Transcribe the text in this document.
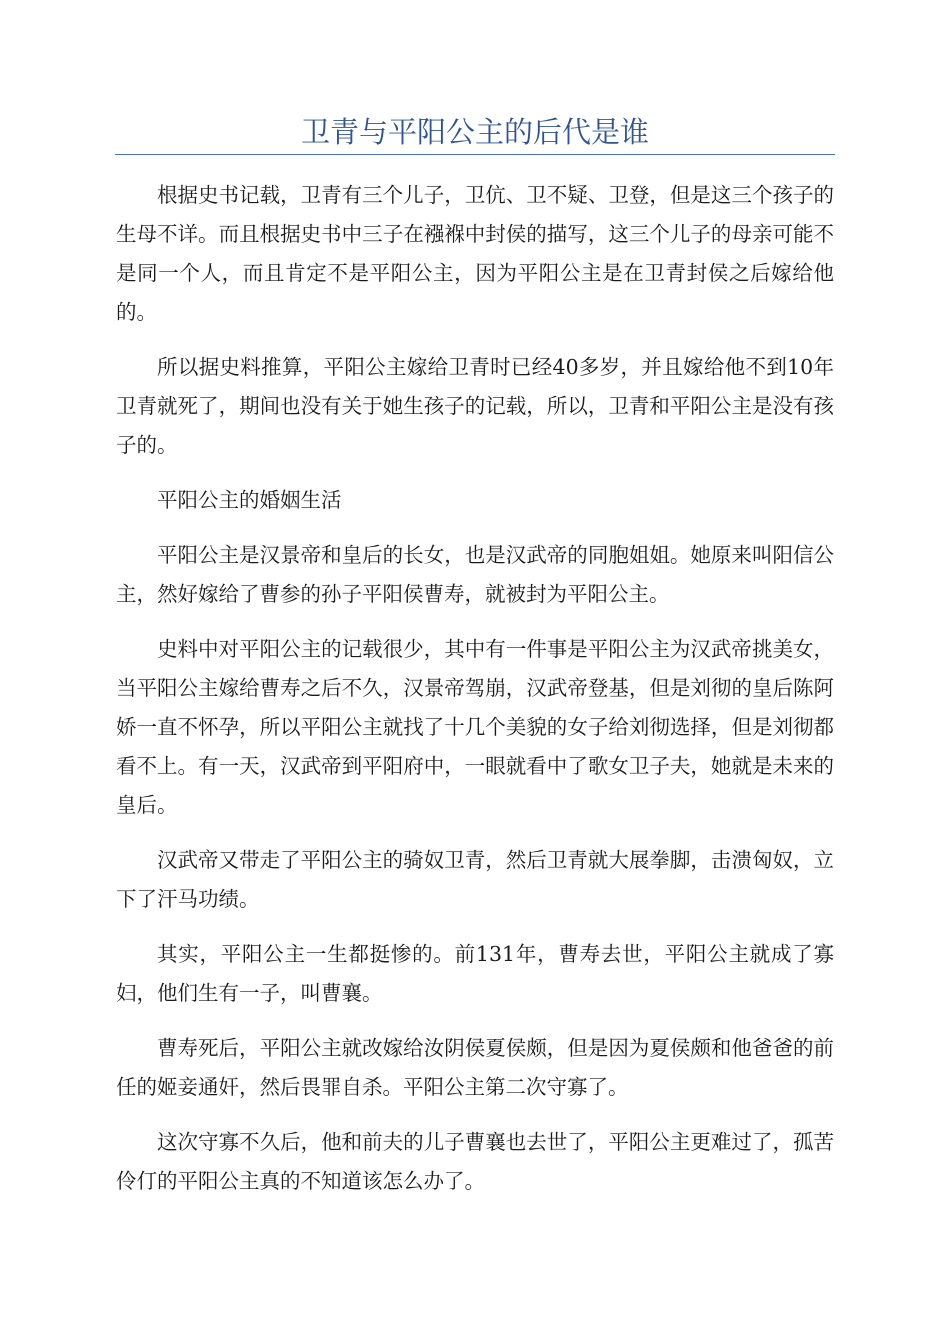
卫青与平阳公主的后代是谁

根据史书记载，卫青有三个儿子，卫伉、卫不疑、卫登，但是这三个孩子的生母不详。而且根据史书中三子在襁褓中封侯的描写，这三个儿子的母亲可能不是同一个人，而且肯定不是平阳公主，因为平阳公主是在卫青封侯之后嫁给他的。

所以据史料推算，平阳公主嫁给卫青时已经40多岁，并且嫁给他不到10年卫青就死了，期间也没有关于她生孩子的记载，所以，卫青和平阳公主是没有孩子的。

平阳公主的婚姻生活

平阳公主是汉景帝和皇后的长女，也是汉武帝的同胞姐姐。她原来叫阳信公主，然好嫁给了曹参的孙子平阳侯曹寿，就被封为平阳公主。

史料中对平阳公主的记载很少，其中有一件事是平阳公主为汉武帝挑美女，当平阳公主嫁给曹寿之后不久，汉景帝驾崩，汉武帝登基，但是刘彻的皇后陈阿娇一直不怀孕，所以平阳公主就找了十几个美貌的女子给刘彻选择，但是刘彻都看不上。有一天，汉武帝到平阳府中，一眼就看中了歌女卫子夫，她就是未来的皇后。

汉武帝又带走了平阳公主的骑奴卫青，然后卫青就大展拳脚，击溃匈奴，立下了汗马功绩。

其实，平阳公主一生都挺惨的。前131年，曹寿去世，平阳公主就成了寡妇，他们生有一子，叫曹襄。

曹寿死后，平阳公主就改嫁给汝阴侯夏侯颇，但是因为夏侯颇和他爸爸的前任的姬妾通奸，然后畏罪自杀。平阳公主第二次守寡了。

这次守寡不久后，他和前夫的儿子曹襄也去世了，平阳公主更难过了，孤苦伶仃的平阳公主真的不知道该怎么办了。
